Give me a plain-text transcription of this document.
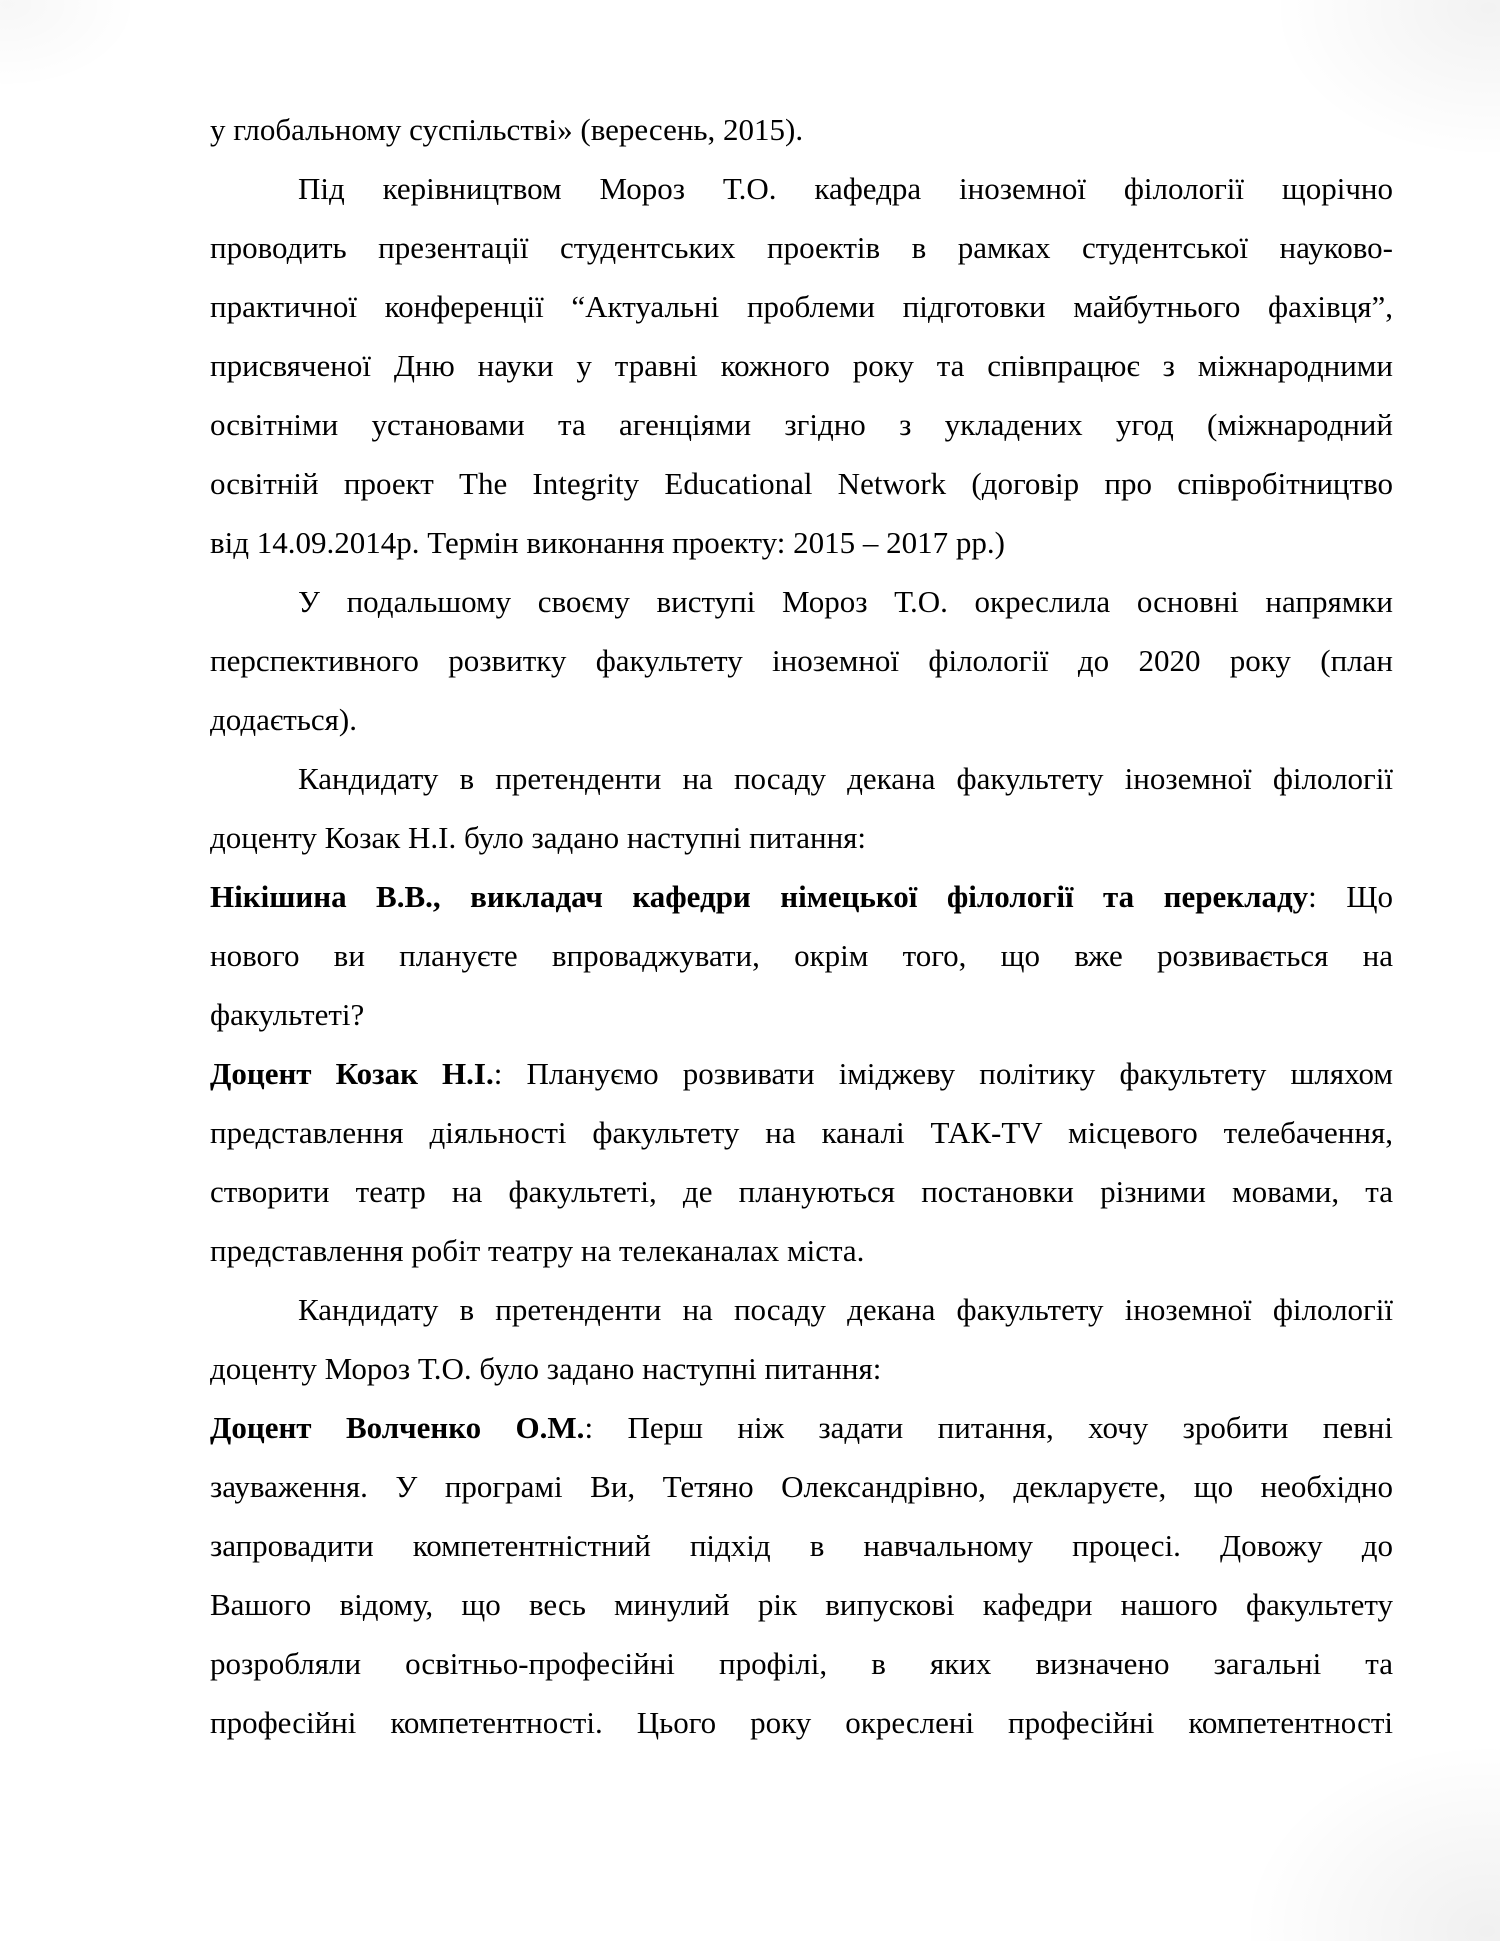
у глобальному суспільстві» (вересень, 2015).
Під керівництвом Мороз Т.О. кафедра іноземної філології щорічно
проводить презентації студентських проектів в рамках студентської науково-
практичної конференції “Актуальні проблеми підготовки майбутнього фахівця”,
присвяченої Дню науки у травні кожного року та співпрацює з міжнародними
освітніми установами та агенціями згідно з укладених угод (міжнародний
освітній проект The Integrity Educational Network (договір про співробітництво
від 14.09.2014р. Термін виконання проекту: 2015 – 2017 рр.)
У подальшому своєму виступі Мороз Т.О. окреслила основні напрямки
перспективного розвитку факультету іноземної філології до 2020 року (план
додається).
Кандидату в претенденти на посаду декана факультету іноземної філології
доценту Козак Н.І. було задано наступні питання:
Нікішина В.В., викладач кафедри німецької філології та перекладу: Що
нового ви плануєте впроваджувати, окрім того, що вже розвивається на
факультеті?
Доцент Козак Н.І.: Плануємо розвивати іміджеву політику факультету шляхом
представлення діяльності факультету на каналі ТАК-TV місцевого телебачення,
створити театр на факультеті, де плануються постановки різними мовами, та
представлення робіт театру на телеканалах міста.
Кандидату в претенденти на посаду декана факультету іноземної філології
доценту Мороз Т.О. було задано наступні питання:
Доцент Волченко О.М.: Перш ніж задати питання, хочу зробити певні
зауваження. У програмі Ви, Тетяно Олександрівно, декларуєте, що необхідно
запровадити компетентністний підхід в навчальному процесі. Довожу до
Вашого відому, що весь минулий рік випускові кафедри нашого факультету
розробляли освітньо-професійні профілі, в яких визначено загальні та
професійні компетентності. Цього року окреслені професійні компетентності
